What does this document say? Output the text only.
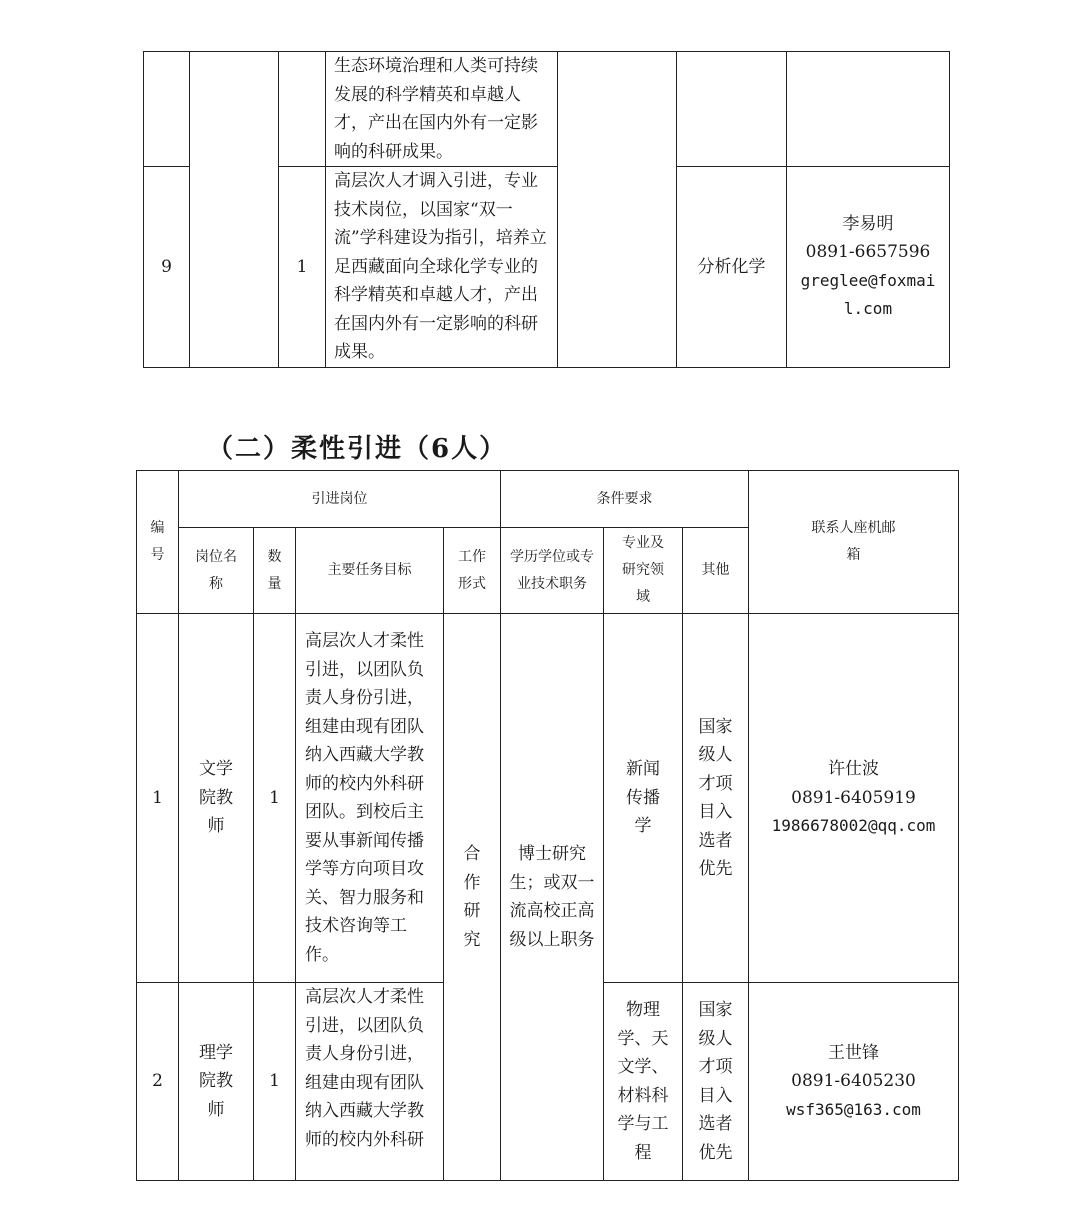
			生态环境治理和人类可持续发展的科学精英和卓越人才，产出在国内外有一定影响的科研成果。			
9		1	高层次人才调入引进，专业技术岗位，以国家“双一流”学科建设为指引，培养立足西藏面向全球化学专业的科学精英和卓越人才，产出在国内外有一定影响的科研成果。		分析化学	李易明
0891-6657596
greglee@foxmail.com
（二）柔性引进（6人）
编号	引进岗位				条件要求			联系人座机邮箱

	岗位名称	数量	主要任务目标	工作形式	学历学位或专业技术职务	专业及研究领域	其他	
1	文学院教师	1	高层次人才柔性引进，以团队负责人身份引进，组建由现有团队纳入西藏大学教师的校内外科研团队。到校后主要从事新闻传播学等方向项目攻关、智力服务和技术咨询等工作。	合作研究	博士研究生；或双一流高校正高级以上职务	新闻传播学	国家级人才项目入选者优先	许仕波
0891-6405919
1986678002@qq.com

2	理学院教师	1	高层次人才柔性引进，以团队负责人身份引进，组建由现有团队纳入西藏大学教师的校内外科研			物理学、天文学、材料科学与工程	国家级人才项目入选者优先	王世锋
0891-6405230
wsf365@163.com
